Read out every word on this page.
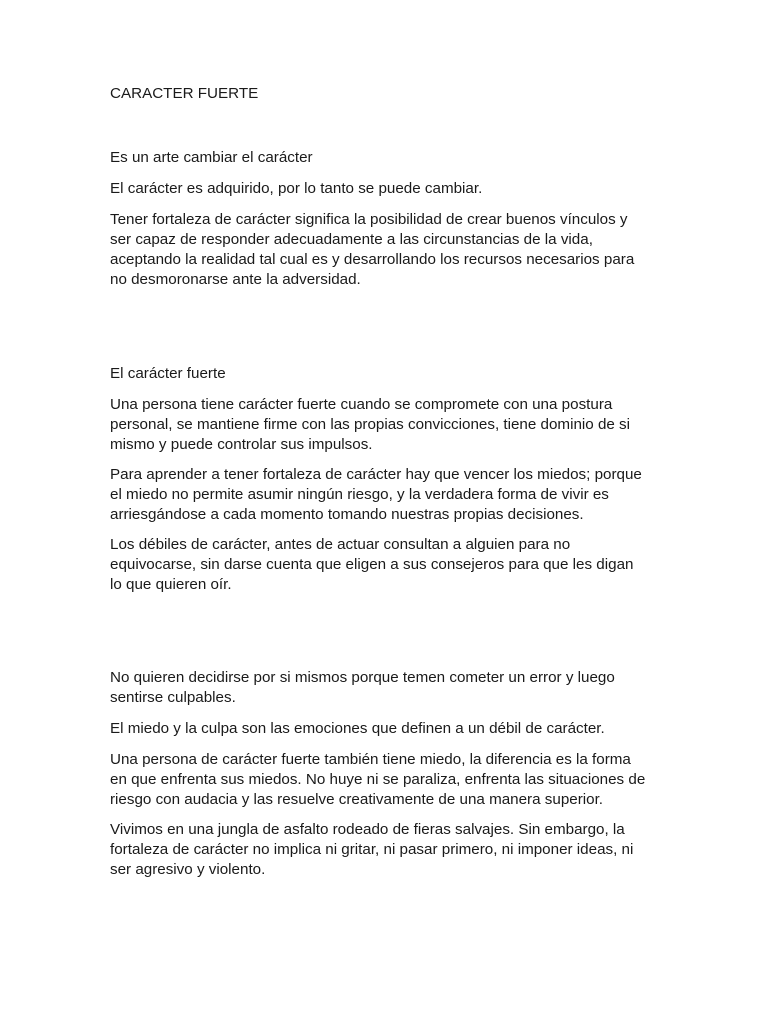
CARACTER FUERTE

Es un arte cambiar el carácter

El carácter es adquirido, por lo tanto se puede cambiar.

Tener fortaleza de carácter significa la posibilidad de crear buenos vínculos y
ser capaz de responder adecuadamente a las circunstancias de la vida,
aceptando la realidad tal cual es y desarrollando los recursos necesarios para
no desmoronarse ante la adversidad.

El carácter fuerte

Una persona tiene carácter fuerte cuando se compromete con una postura
personal, se mantiene firme con las propias convicciones, tiene dominio de si
mismo y puede controlar sus impulsos.

Para aprender a tener fortaleza de carácter hay que vencer los miedos; porque
el miedo no permite asumir ningún riesgo, y la verdadera forma de vivir es
arriesgándose a cada momento tomando nuestras propias decisiones.

Los débiles de carácter, antes de actuar consultan a alguien para no
equivocarse, sin darse cuenta que eligen a sus consejeros para que les digan
lo que quieren oír.

No quieren decidirse por si mismos porque temen cometer un error y luego
sentirse culpables.

El miedo y la culpa son las emociones que definen a un débil de carácter.

Una persona de carácter fuerte también tiene miedo, la diferencia es la forma
en que enfrenta sus miedos. No huye ni se paraliza, enfrenta las situaciones de
riesgo con audacia y las resuelve creativamente de una manera superior.

Vivimos en una jungla de asfalto rodeado de fieras salvajes. Sin embargo, la
fortaleza de carácter no implica ni gritar, ni pasar primero, ni imponer ideas, ni
ser agresivo y violento.
